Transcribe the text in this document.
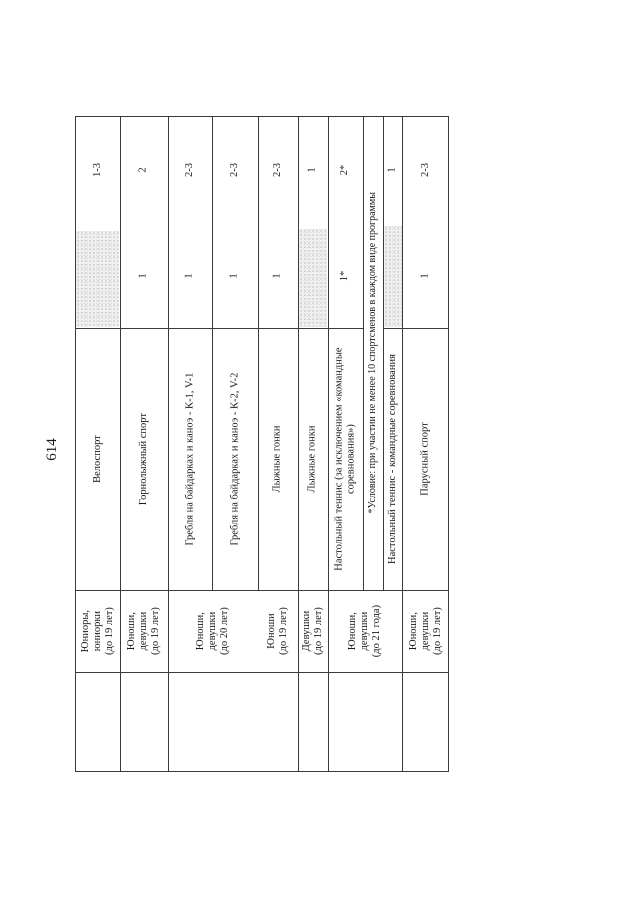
614
Юниоры, юниорки (до 19 лет)
Велоспорт
1-3
Юноши, девушки (до 19 лет)
Горнолыжный спорт
1
2
Юноши, девушки (до 20 лет)
Гребля на байдарках и каноэ - К-1, V-1
1
2-3
Гребля на байдарках и каноэ - К-2, V-2
1
2-3
Юноши (до 19 лет)
Лыжные гонки
1
2-3
Девушки (до 19 лет)
Лыжные гонки
1
Юноши, девушки (до 21 года)
Настольный теннис (за исключением «командные соревнования»)
1*
2*
*Условие: при участии не менее 10 спортсменов в каждом виде программы Настольный теннис - командные соревнования
1
Юноши, девушки (до 19 лет)
Парусный спорт
1
2-3
